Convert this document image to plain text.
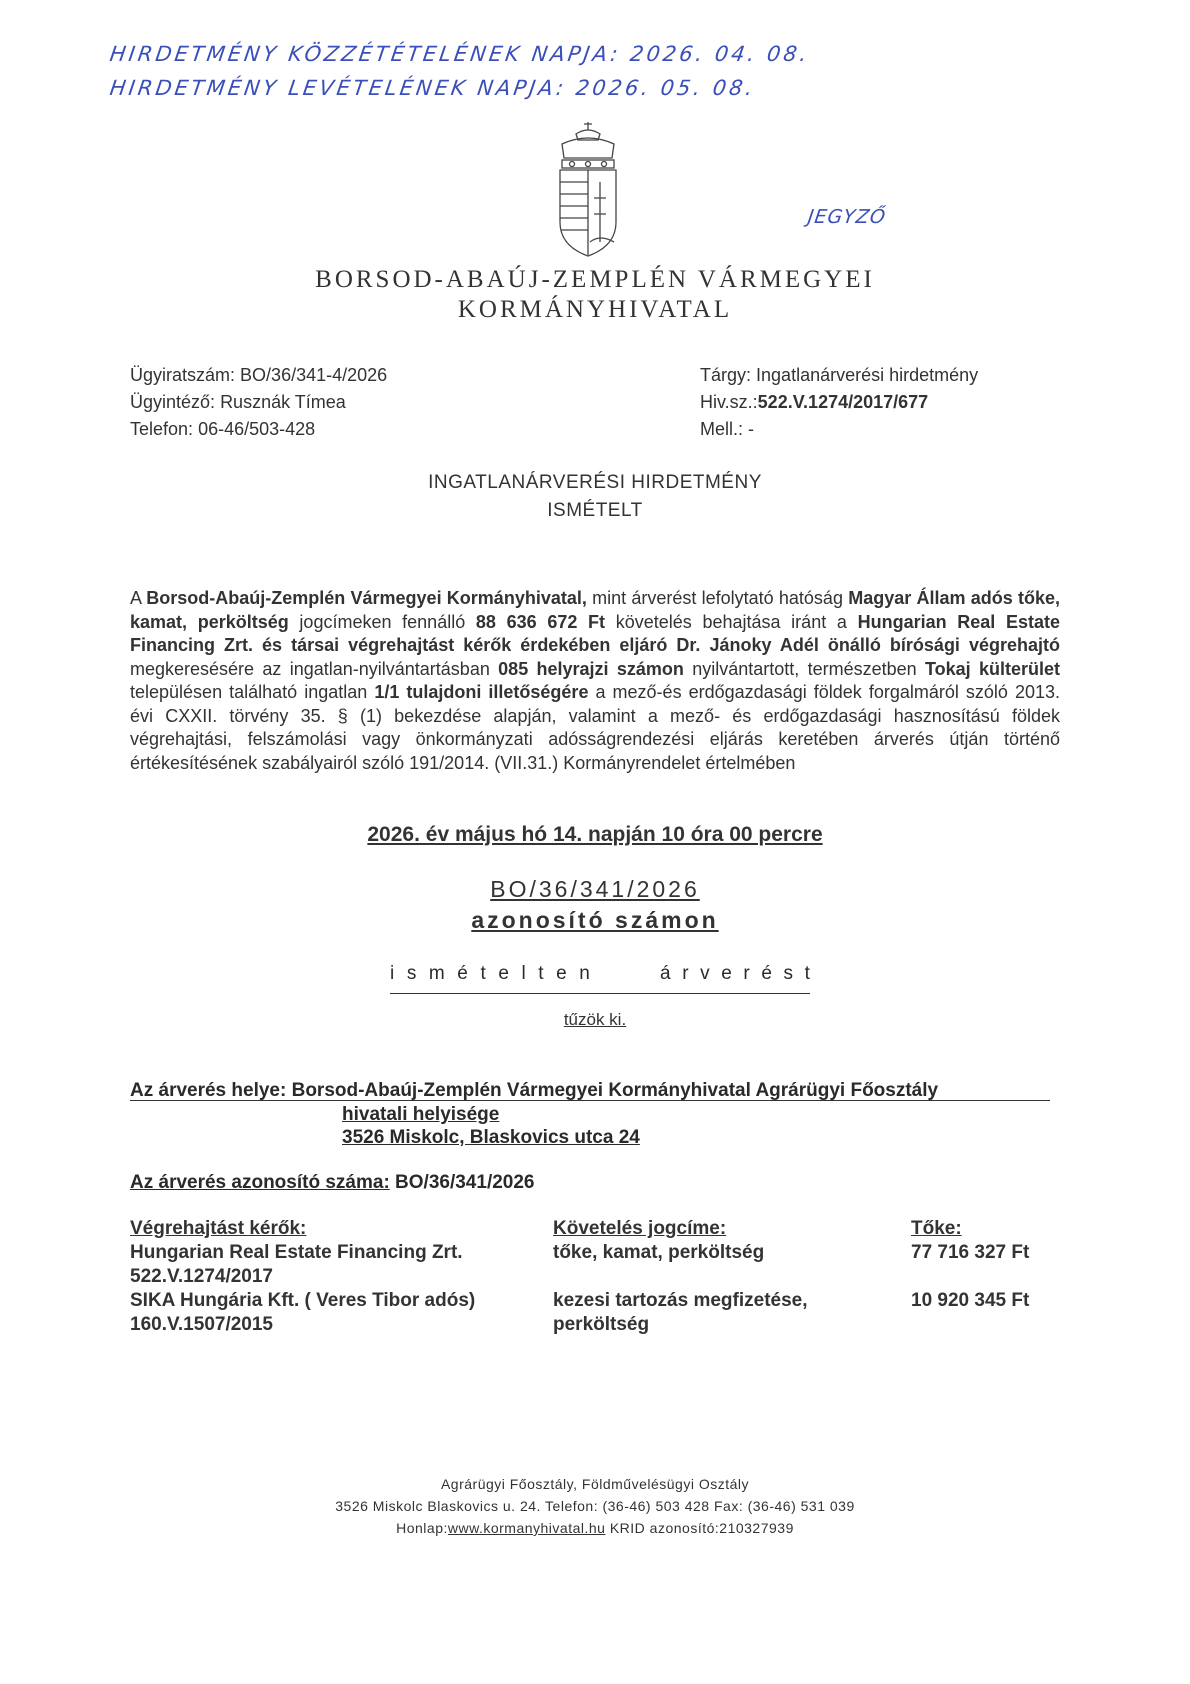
HIRDETMÉNY KÖZZÉTÉTELÉNEK NAPJA: 2026. 04. 08.
HIRDETMÉNY LEVÉTELÉNEK NAPJA: 2026. 05. 08.
JEGYZŐ
BORSOD-ABAÚJ-ZEMPLÉN VÁRMEGYEI
KORMÁNYHIVATAL
Ügyiratszám: BO/36/341-4/2026
Ügyintéző: Rusznák Tímea
Telefon: 06-46/503-428
Tárgy: Ingatlanárverési hirdetmény
Hiv.sz.:522.V.1274/2017/677
Mell.: -
INGATLANÁRVERÉSI HIRDETMÉNY
ISMÉTELT
A Borsod-Abaúj-Zemplén Vármegyei Kormányhivatal, mint árverést lefolytató hatóság Magyar Állam adós tőke, kamat, perköltség jogcímeken fennálló 88 636 672 Ft követelés behajtása iránt a Hungarian Real Estate Financing Zrt. és társai végrehajtást kérők érdekében eljáró Dr. Jánoky Adél önálló bírósági végrehajtó megkeresésére az ingatlan-nyilvántartásban 085 helyrajzi számon nyilvántartott, természetben Tokaj külterület településen található ingatlan 1/1 tulajdoni illetőségére a mező-és erdőgazdasági földek forgalmáról szóló 2013. évi CXXII. törvény 35. § (1) bekezdése alapján, valamint a mező- és erdőgazdasági hasznosítású földek végrehajtási, felszámolási vagy önkormányzati adósságrendezési eljárás keretében árverés útján történő értékesítésének szabályairól szóló 191/2014. (VII.31.) Kormányrendelet értelmében
2026. év május hó 14. napján 10 óra 00 percre
BO/36/341/2026
azonosító számon
i s m é t e l t e n	á r v e r é s t
tűzök ki.
Az árverés helye: Borsod-Abaúj-Zemplén Vármegyei Kormányhivatal Agrárügyi Főosztály
hivatali helyisége
3526 Miskolc, Blaskovics utca 24
Az árverés azonosító száma: BO/36/341/2026
Végrehajtást kérők:
Hungarian Real Estate Financing Zrt.
522.V.1274/2017
SIKA Hungária Kft. ( Veres Tibor adós)
160.V.1507/2015
Követelés jogcíme:
tőke, kamat, perköltség
kezesi tartozás megfizetése, perköltség
Tőke:
77 716 327 Ft
10 920 345 Ft
Agrárügyi Főosztály, Földművelésügyi Osztály
3526 Miskolc Blaskovics u. 24. Telefon: (36-46) 503 428 Fax: (36-46) 531 039
Honlap:www.kormanyhivatal.hu KRID azonosító:210327939
